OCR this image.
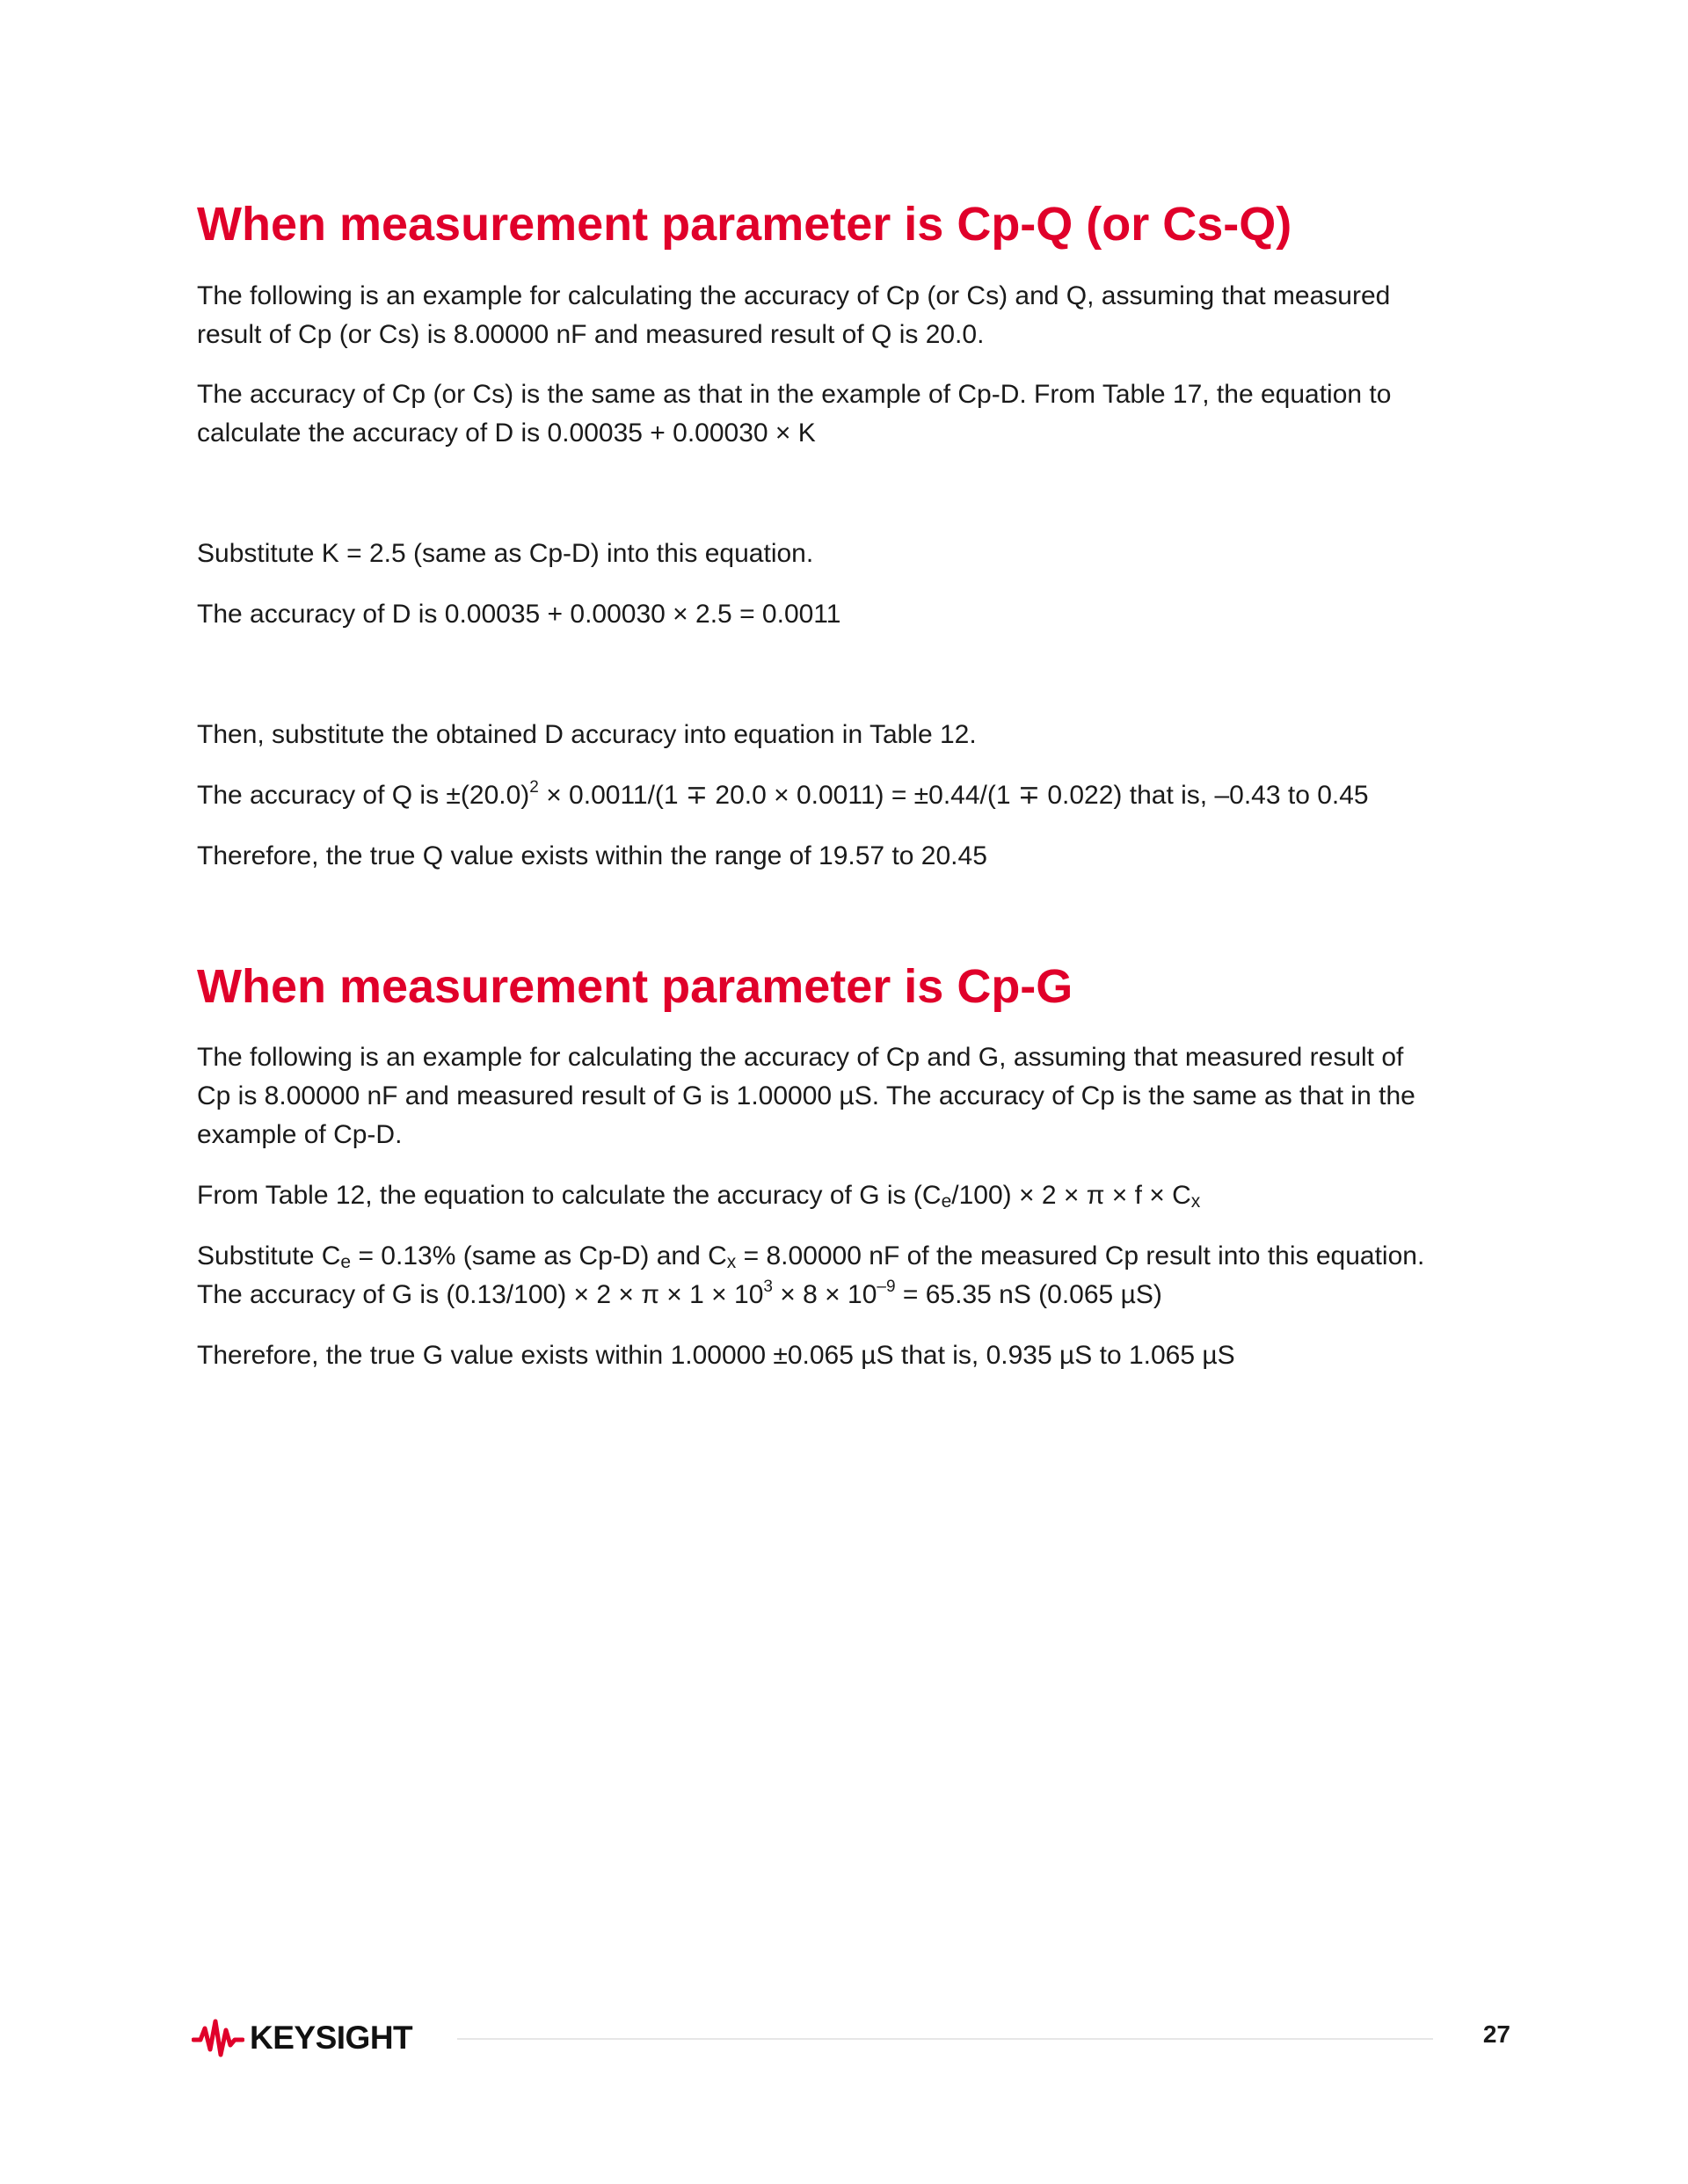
When measurement parameter is Cp-Q (or Cs-Q)

The following is an example for calculating the accuracy of Cp (or Cs) and Q, assuming that measured

result of Cp (or Cs) is 8.00000 nF and measured result of Q is 20.0.

The accuracy of Cp (or Cs) is the same as that in the example of Cp-D. From Table 17, the equation to

calculate the accuracy of D is 0.00035 + 0.00030 × K

Substitute K = 2.5 (same as Cp-D) into this equation.

The accuracy of D is 0.00035 + 0.00030 × 2.5 = 0.0011

Then, substitute the obtained D accuracy into equation in Table 12.

The accuracy of Q is $\pm(20.0)^2 \times 0.0011/(1 \mp 20.0 \times 0.0011) = \pm 0.44/(1 \mp 0.022)$ that is, –0.43 to 0.45

Therefore, the true Q value exists within the range of 19.57 to 20.45

When measurement parameter is Cp-G

The following is an example for calculating the accuracy of Cp and G, assuming that measured result of

Cp is 8.00000 nF and measured result of G is 1.00000 µS. The accuracy of Cp is the same as that in the

example of Cp-D.

From Table 12, the equation to calculate the accuracy of G is (Ce/100) × 2 × π × f × Cx

Substitute Ce = 0.13% (same as Cp-D) and Cx = 8.00000 nF of the measured Cp result into this equation.

The accuracy of G is $(0.13/100) \times 2 \times \pi \times 1 \times 10^3 \times 8 \times 10^{-9} = 65.35$ nS (0.065 µS)

Therefore, the true G value exists within 1.00000 ±0.065 µS that is, 0.935 µS to 1.065 µS

KEYSIGHT	27
